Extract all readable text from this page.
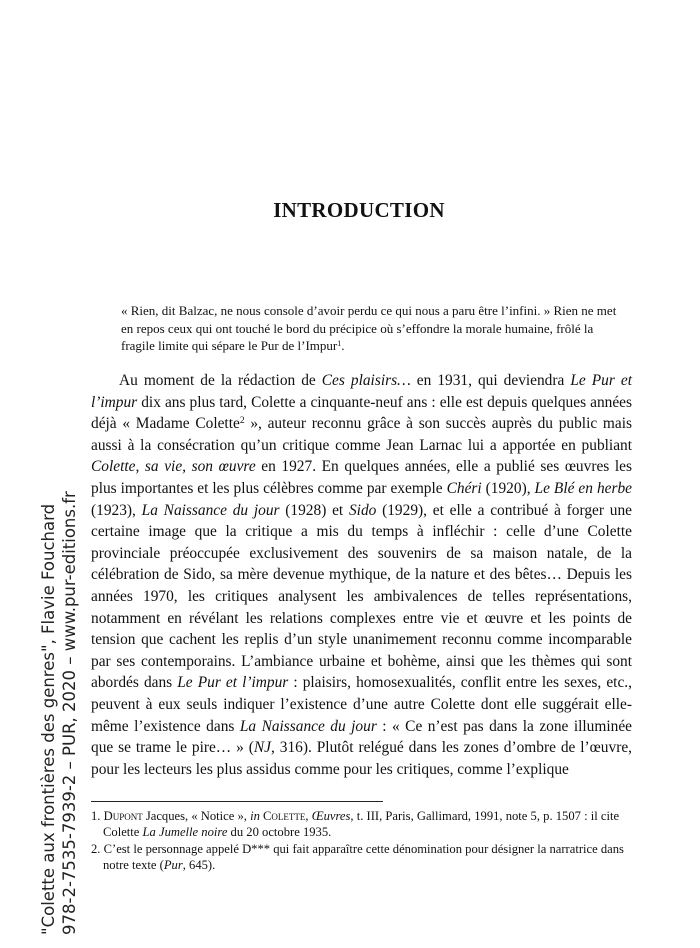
"Colette aux frontières des genres", Flavie Fouchard 978-2-7535-7939-2 – PUR, 2020 – www.pur-editions.fr
INTRODUCTION

« Rien, dit Balzac, ne nous console d’avoir perdu ce qui nous a paru être l’infini. » Rien ne met en repos ceux qui ont touché le bord du précipice où s’effondre la morale humaine, frôlé la fragile limite qui sépare le Pur de l’Impur$^1$.

Au moment de la rédaction de Ces plaisirs… en 1931, qui deviendra Le Pur et l’impur dix ans plus tard, Colette a cinquante-neuf ans : elle est depuis quelques années déjà « Madame Colette$^2$ », auteur reconnu grâce à son succès auprès du public mais aussi à la consécration qu’un critique comme Jean Larnac lui a apportée en publiant Colette, sa vie, son œuvre en 1927. En quelques années, elle a publié ses œuvres les plus importantes et les plus célèbres comme par exemple Chéri (1920), Le Blé en herbe (1923), La Naissance du jour (1928) et Sido (1929), et elle a contribué à forger une certaine image que la critique a mis du temps à infléchir : celle d’une Colette provinciale préoccupée exclusivement des souvenirs de sa maison natale, de la célébration de Sido, sa mère devenue mythique, de la nature et des bêtes… Depuis les années 1970, les critiques analysent les ambivalences de telles représentations, notamment en révélant les relations complexes entre vie et œuvre et les points de tension que cachent les replis d’un style unanimement reconnu comme incomparable par ses contemporains. L’ambiance urbaine et bohème, ainsi que les thèmes qui sont abordés dans Le Pur et l’impur : plaisirs, homosexualités, conflit entre les sexes, etc., peuvent à eux seuls indiquer l’existence d’une autre Colette dont elle suggérait elle-même l’existence dans La Naissance du jour : « Ce n’est pas dans la zone illuminée que se trame le pire… » (NJ, 316). Plutôt relégué dans les zones d’ombre de l’œuvre, pour les lecteurs les plus assidus comme pour les critiques, comme l’explique

1. Dupont Jacques, « Notice », in Colette, Œuvres, t. III, Paris, Gallimard, 1991, note 5, p. 1507 : il cite Colette La Jumelle noire du 20 octobre 1935.

2. C’est le personnage appelé D*** qui fait apparaître cette dénomination pour désigner la narratrice dans notre texte (Pur, 645).
